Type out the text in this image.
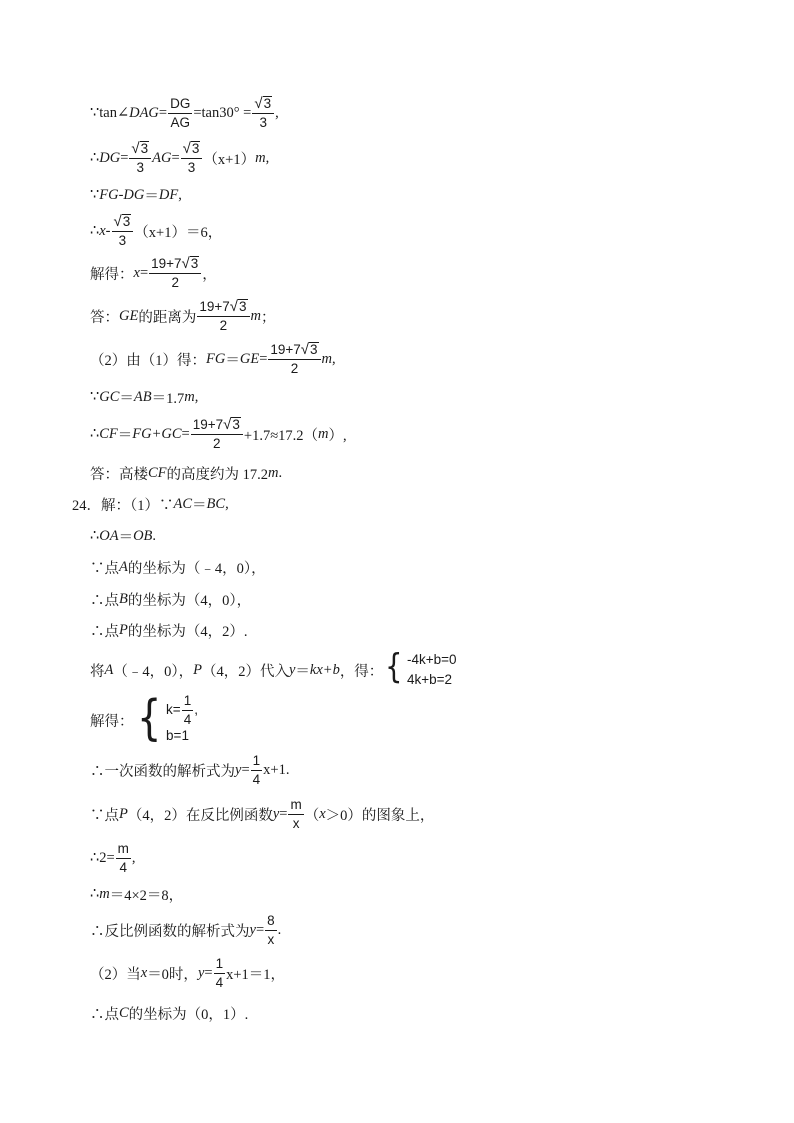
∵tan∠ DAG = $\frac{DG}{AG} =\tan 30^\circ = \frac{√ 3}{3}$ ,
∴ DG = $\frac{√ 3}{3}$ AG = $\frac{√ 3}{3} (x+1)$ m ,
∵ FG - DG ＝ DF ,
∴ $x - \frac{√ 3}{3} (x+1)=6$，
解得： $x = \frac{19+7 √ 3}{2}$ ，
答： GE 的距离为 $\frac{19+7 √ 3}{2}$ m ；
（2）由（1）得： FG ＝ GE = $\frac{19+7 √ 3}{2}$ m ,
∵ GC ＝ AB ＝1.7 m ,
∴ CF ＝ $FG+GC = \frac{19+7 √ 3}{2} +1.7\approx 17.2$（ m ）,
答：高楼 CF 的高度约为 17.2 m .
24．解：（1）∵ AC ＝ BC ,
∴ OA ＝ OB .
∵点 A 的坐标为（﹣4，0），
∴点 B 的坐标为（4，0），
∴点 P 的坐标为（4，2）.
将 A （﹣4，0）， P （4，2）代入 y ＝ kx+b ，得： { -4k+b=0
4k+b=2
解得： { $k= \frac{1}{4}$ ,
b=1
∴一次函数的解析式为 $y = \frac{1}{4} x+1$.
∵点 P （4，2）在反比例函数 $y = \frac{m}{x}$ （ x ＞0）的图象上，
∴2= $\frac{m}{4}$ ,
∴ m ＝4×2＝8，
∴反比例函数的解析式为 $y = \frac{8}{x}$ .
（2）当 x ＝0时， $y = \frac{1}{4} x+1=1$，
∴点 C 的坐标为（0，1）.
